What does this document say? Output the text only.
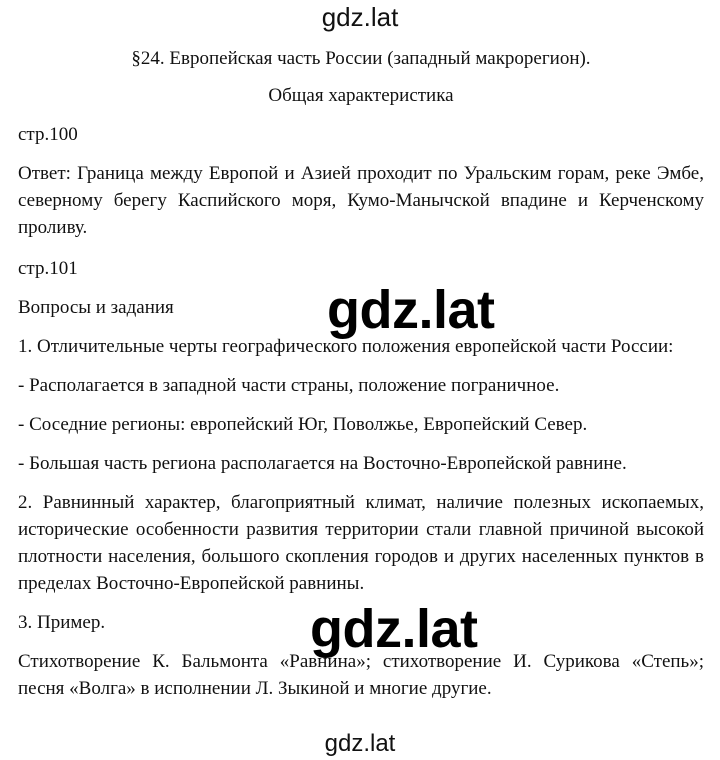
gdz.lat

§24. Европейская часть России (западный макрорегион).

Общая характеристика

стр.100

Ответ: Граница между Европой и Азией проходит по Уральским горам, реке Эмбе, северному берегу Каспийского моря, Кумо-Манычской впадине и Керченскому проливу.

стр.101

Вопросы и задания

1. Отличительные черты географического положения европейской части России:

- Располагается в западной части страны, положение пограничное.

- Соседние регионы: европейский Юг, Поволжье, Европейский Север.

- Большая часть региона располагается на Восточно-Европейской равнине.

2. Равнинный характер, благоприятный климат, наличие полезных ископаемых, исторические особенности развития территории стали главной причиной высокой плотности населения, большого скопления городов и других населенных пунктов в пределах Восточно-Европейской равнины.

3. Пример.

Стихотворение К. Бальмонта «Равнина»; стихотворение И. Сурикова «Степь»; песня «Волга» в исполнении Л. Зыкиной и многие другие.

gdz.lat
gdz.lat
gdz.lat
